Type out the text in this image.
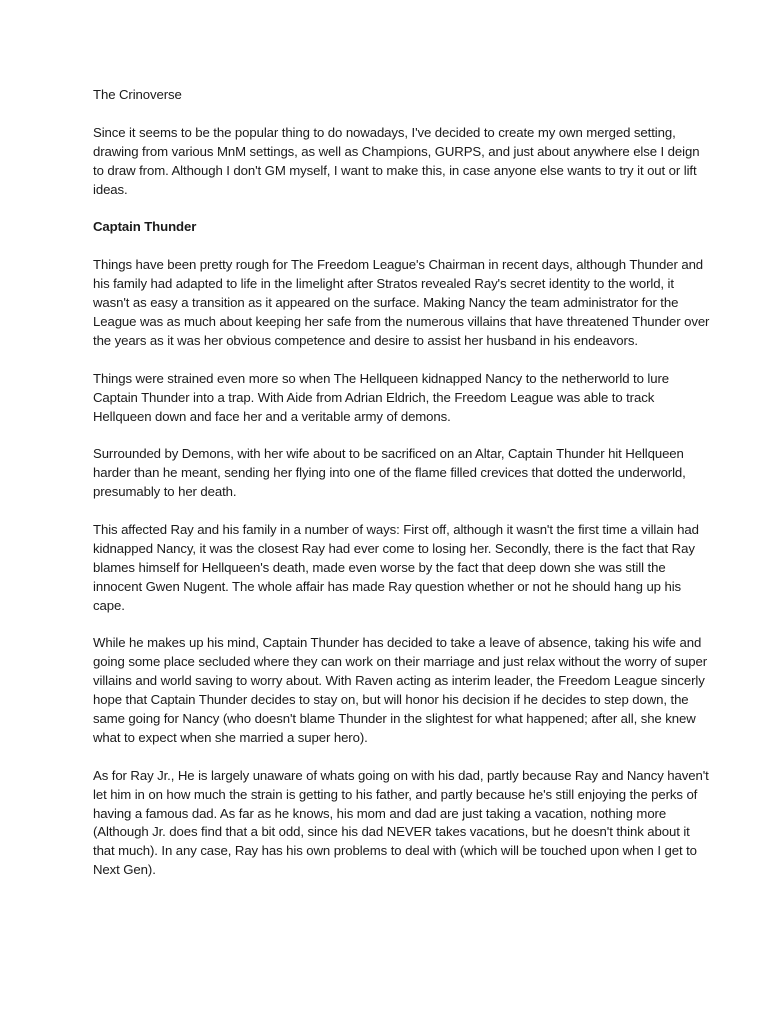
The Crinoverse

Since it seems to be the popular thing to do nowadays, I've decided to create my own merged setting, drawing from various MnM settings, as well as Champions, GURPS, and just about anywhere else I deign to draw from. Although I don't GM myself, I want to make this, in case anyone else wants to try it out or lift ideas.

Captain Thunder

Things have been pretty rough for The Freedom League's Chairman in recent days, although Thunder and his family had adapted to life in the limelight after Stratos revealed Ray's secret identity to the world, it wasn't as easy a transition as it appeared on the surface. Making Nancy the team administrator for the League was as much about keeping her safe from the numerous villains that have threatened Thunder over the years as it was her obvious competence and desire to assist her husband in his endeavors.

Things were strained even more so when The Hellqueen kidnapped Nancy to the netherworld to lure Captain Thunder into a trap. With Aide from Adrian Eldrich, the Freedom League was able to track Hellqueen down and face her and a veritable army of demons.

Surrounded by Demons, with her wife about to be sacrificed on an Altar, Captain Thunder hit Hellqueen harder than he meant, sending her flying into one of the flame filled crevices that dotted the underworld, presumably to her death.

This affected Ray and his family in a number of ways: First off, although it wasn't the first time a villain had kidnapped Nancy, it was the closest Ray had ever come to losing her. Secondly, there is the fact that Ray blames himself for Hellqueen's death, made even worse by the fact that deep down she was still the innocent Gwen Nugent. The whole affair has made Ray question whether or not he should hang up his cape.

While he makes up his mind, Captain Thunder has decided to take a leave of absence, taking his wife and going some place secluded where they can work on their marriage and just relax without the worry of super villains and world saving to worry about. With Raven acting as interim leader, the Freedom League sincerly hope that Captain Thunder decides to stay on, but will honor his decision if he decides to step down, the same going for Nancy (who doesn't blame Thunder in the slightest for what happened; after all, she knew what to expect when she married a super hero).

As for Ray Jr., He is largely unaware of whats going on with his dad, partly because Ray and Nancy haven't let him in on how much the strain is getting to his father, and partly because he's still enjoying the perks of having a famous dad. As far as he knows, his mom and dad are just taking a vacation, nothing more (Although Jr. does find that a bit odd, since his dad NEVER takes vacations, but he doesn't think about it that much). In any case, Ray has his own problems to deal with (which will be touched upon when I get to Next Gen).
